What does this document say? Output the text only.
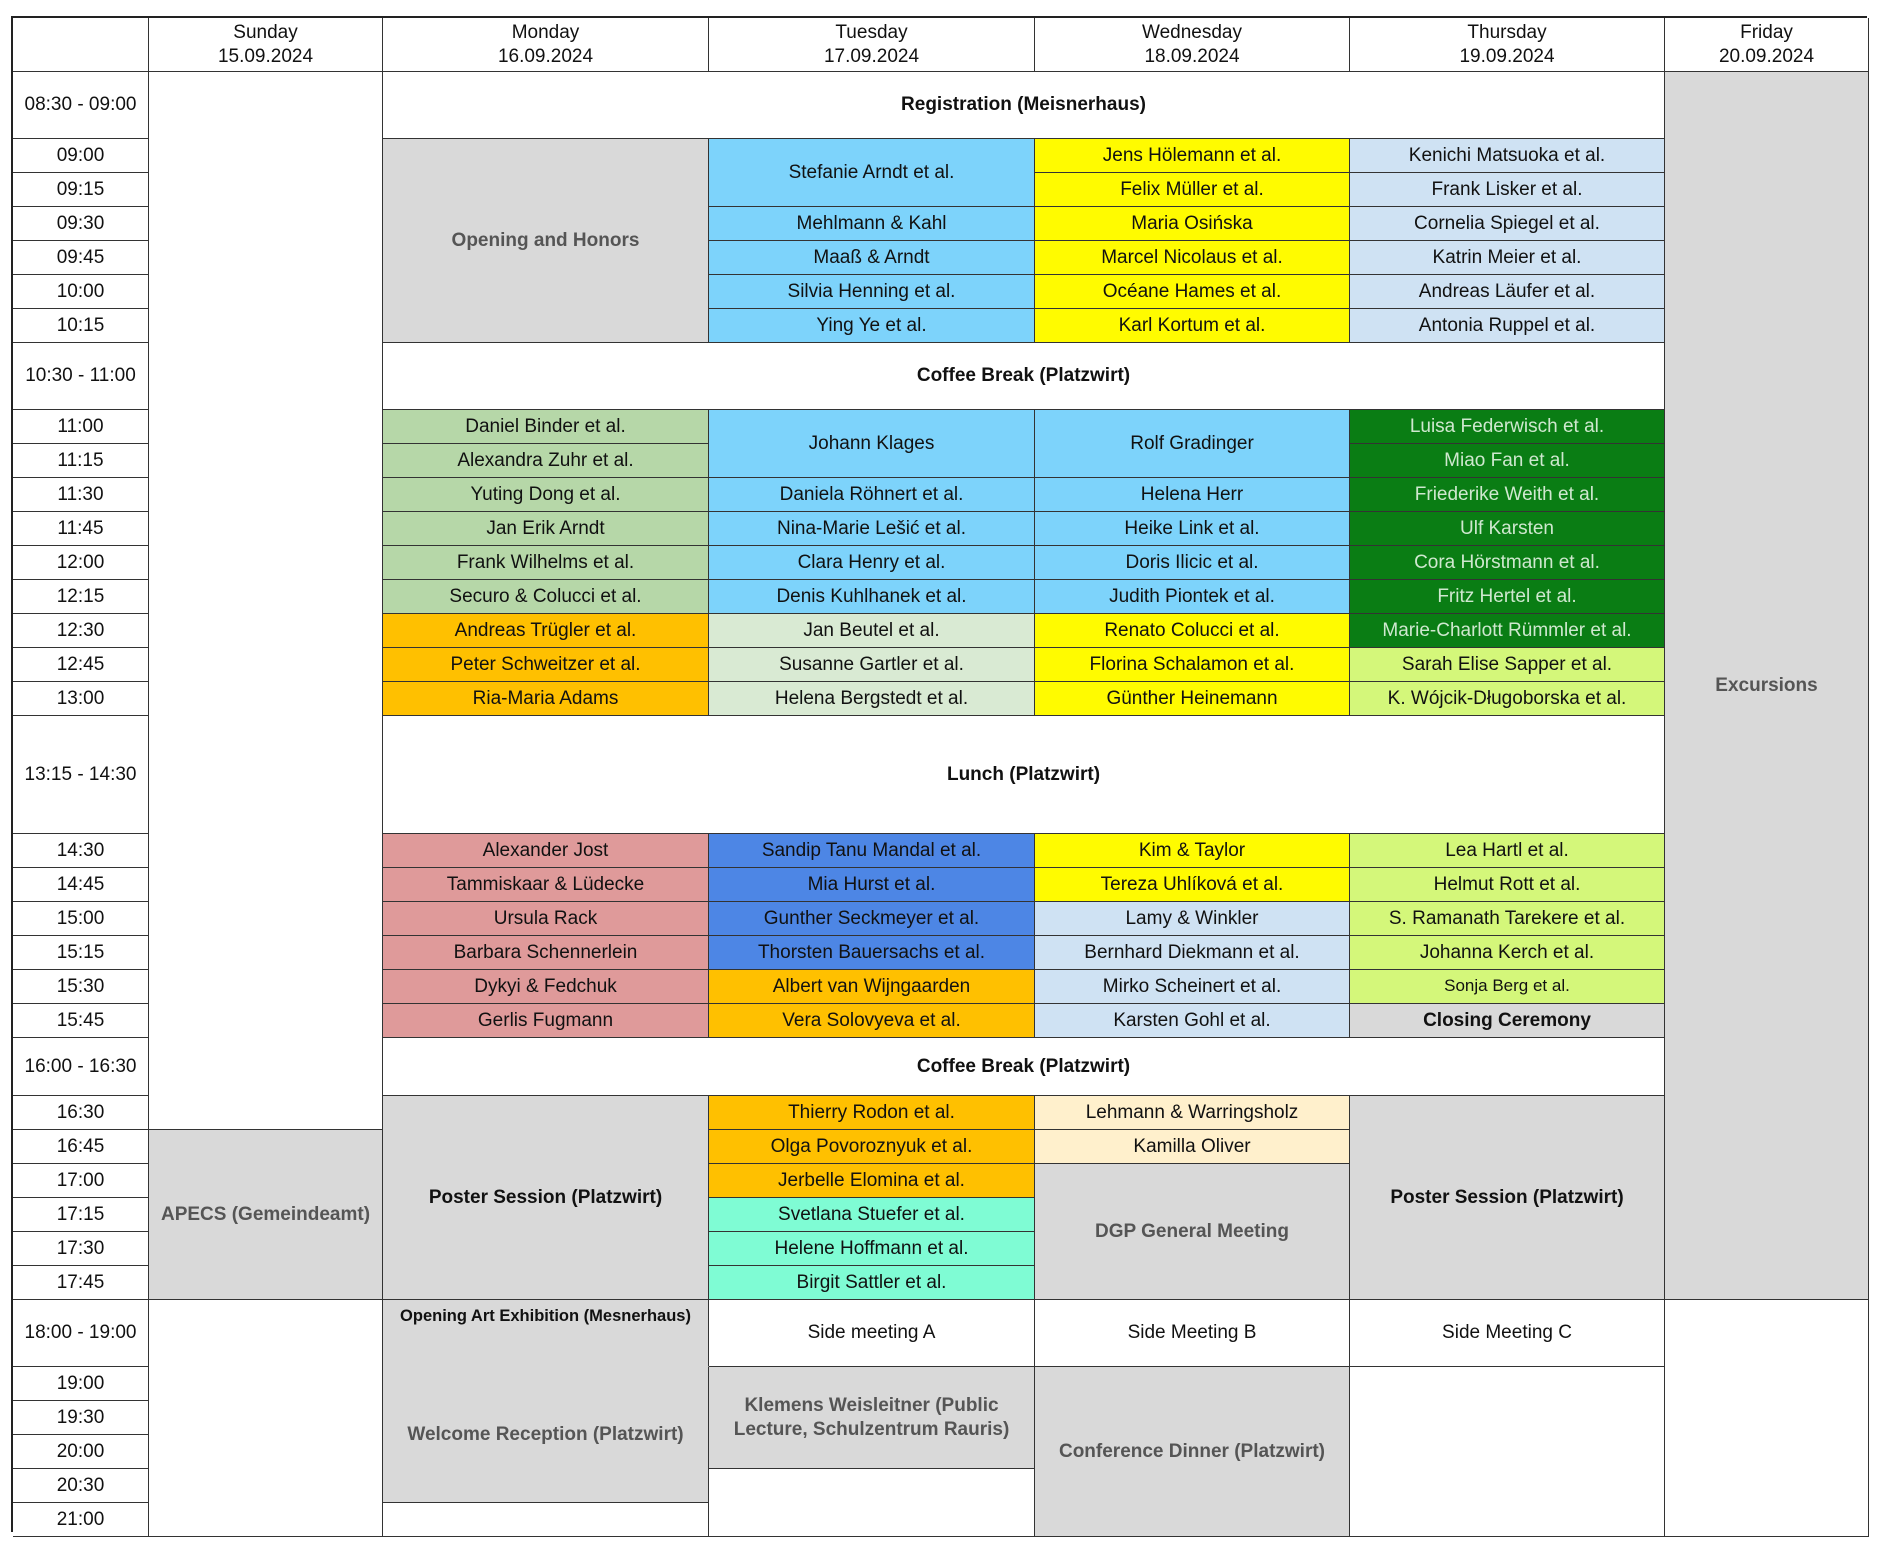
Sunday
15.09.2024
Monday
16.09.2024
Tuesday
17.09.2024
Wednesday
18.09.2024
Thursday
19.09.2024
Friday
20.09.2024
08:30 - 09:00
09:00
09:15
09:30
09:45
10:00
10:15
10:30 - 11:00
11:00
11:15
11:30
11:45
12:00
12:15
12:30
12:45
13:00
13:15 - 14:30
14:30
14:45
15:00
15:15
15:30
15:45
16:00 - 16:30
16:30
16:45
17:00
17:15
17:30
17:45
18:00 - 19:00
19:00
19:30
20:00
20:30
21:00
APECS (Gemeindeamt)
Registration (Meisnerhaus)
Coffee Break (Platzwirt)
Lunch (Platzwirt)
Coffee Break (Platzwirt)
Excursions
Opening and Honors
Daniel Binder et al.
Alexandra Zuhr et al.
Yuting Dong et al.
Jan Erik Arndt
Frank Wilhelms et al.
Securo & Colucci et al.
Andreas Trügler et al.
Peter Schweitzer et al.
Ria-Maria Adams
Alexander Jost
Tammiskaar & Lüdecke
Ursula Rack
Barbara Schennerlein
Dykyi & Fedchuk
Gerlis Fugmann
Poster Session (Platzwirt)
Opening Art Exhibition (Mesnerhaus)
Welcome Reception (Platzwirt)
Stefanie Arndt et al.
Mehlmann & Kahl
Maaß & Arndt
Silvia Henning et al.
Ying Ye et al.
Johann Klages
Daniela Röhnert et al.
Nina-Marie Lešić et al.
Clara Henry et al.
Denis Kuhlhanek et al.
Jan Beutel et al.
Susanne Gartler et al.
Helena Bergstedt et al.
Sandip Tanu Mandal et al.
Mia Hurst et al.
Gunther Seckmeyer et al.
Thorsten Bauersachs et al.
Albert van Wijngaarden
Vera Solovyeva et al.
Thierry Rodon et al.
Olga Povoroznyuk et al.
Jerbelle Elomina et al.
Svetlana Stuefer et al.
Helene Hoffmann et al.
Birgit Sattler et al.
Side meeting A
Klemens Weisleitner (Public Lecture, Schulzentrum Rauris)
Jens Hölemann et al.
Felix Müller et al.
Maria Osińska
Marcel Nicolaus et al.
Océane Hames et al.
Karl Kortum et al.
Rolf Gradinger
Helena Herr
Heike Link et al.
Doris Ilicic et al.
Judith Piontek et al.
Renato Colucci et al.
Florina Schalamon et al.
Günther Heinemann
Kim & Taylor
Tereza Uhlíková et al.
Lamy & Winkler
Bernhard Diekmann et al.
Mirko Scheinert et al.
Karsten Gohl et al.
Lehmann & Warringsholz
Kamilla Oliver
DGP General Meeting
Side Meeting B
Conference Dinner (Platzwirt)
Kenichi Matsuoka et al.
Frank Lisker et al.
Cornelia Spiegel et al.
Katrin Meier et al.
Andreas Läufer et al.
Antonia Ruppel et al.
Luisa Federwisch et al.
Miao Fan et al.
Friederike Weith et al.
Ulf Karsten
Cora Hörstmann et al.
Fritz Hertel et al.
Marie-Charlott Rümmler et al.
Sarah Elise Sapper et al.
K. Wójcik-Długoborska et al.
Lea Hartl et al.
Helmut Rott et al.
S. Ramanath Tarekere et al.
Johanna Kerch et al.
Sonja Berg et al.
Closing Ceremony
Poster Session (Platzwirt)
Side Meeting C
